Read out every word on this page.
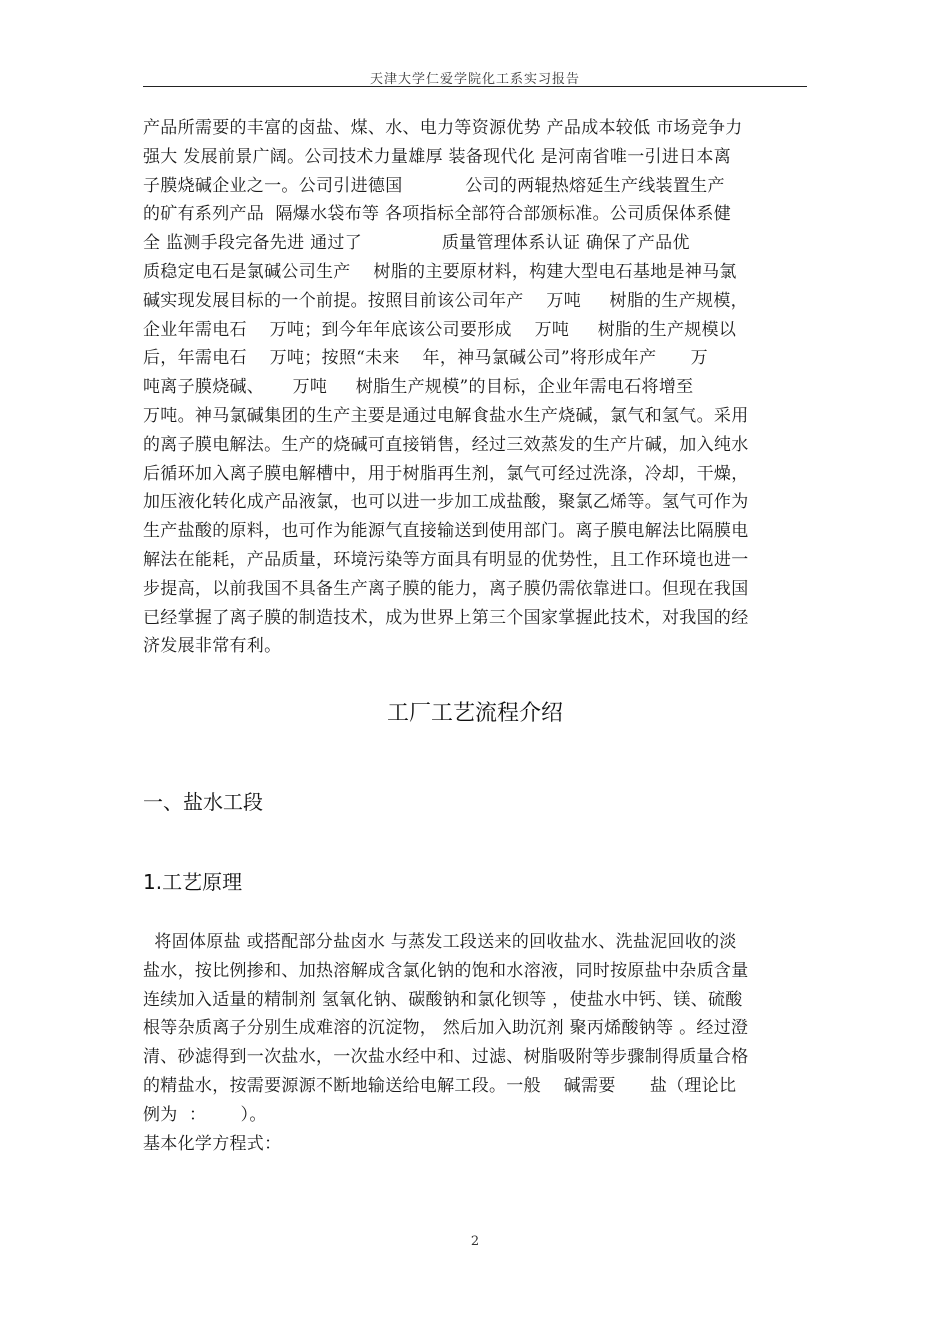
天津大学仁爱学院化工系实习报告
产品所需要的丰富的卤盐、煤、水、电力等资源优势 产品成本较低 市场竞争力
强大 发展前景广阔。公司技术力量雄厚 装备现代化 是河南省唯一引进日本离
子膜烧碱企业之一。公司引进德国           公司的两辊热熔延生产线装置生产
的矿有系列产品  隔爆水袋布等 各项指标全部符合部颁标准。公司质保体系健
全 监测手段完备先进 通过了              质量管理体系认证 确保了产品优
质稳定电石是氯碱公司生产    树脂的主要原材料，构建大型电石基地是神马氯
碱实现发展目标的一个前提。按照目前该公司年产    万吨     树脂的生产规模，
企业年需电石    万吨；到今年年底该公司要形成    万吨     树脂的生产规模以
后，年需电石    万吨；按照“未来    年，神马氯碱公司”将形成年产      万
吨离子膜烧碱、     万吨     树脂生产规模”的目标，企业年需电石将增至
万吨。神马氯碱集团的生产主要是通过电解食盐水生产烧碱，氯气和氢气。采用
的离子膜电解法。生产的烧碱可直接销售，经过三效蒸发的生产片碱，加入纯水
后循环加入离子膜电解槽中，用于树脂再生剂，氯气可经过洗涤，冷却，干燥，
加压液化转化成产品液氯，也可以进一步加工成盐酸，聚氯乙烯等。氢气可作为
生产盐酸的原料，也可作为能源气直接输送到使用部门。离子膜电解法比隔膜电
解法在能耗，产品质量，环境污染等方面具有明显的优势性，且工作环境也进一
步提高，以前我国不具备生产离子膜的能力，离子膜仍需依靠进口。但现在我国
已经掌握了离子膜的制造技术，成为世界上第三个国家掌握此技术，对我国的经
济发展非常有利。
工厂工艺流程介绍
一、盐水工段
1.工艺原理
将固体原盐 或搭配部分盐卤水 与蒸发工段送来的回收盐水、洗盐泥回收的淡
盐水，按比例掺和、加热溶解成含氯化钠的饱和水溶液，同时按原盐中杂质含量
连续加入适量的精制剂 氢氧化钠、碳酸钠和氯化钡等 ，使盐水中钙、镁、硫酸
根等杂质离子分别生成难溶的沉淀物， 然后加入助沉剂 聚丙烯酸钠等 。经过澄
清、砂滤得到一次盐水，一次盐水经中和、过滤、树脂吸附等步骤制得质量合格
的精盐水，按需要源源不断地输送给电解工段。一般    碱需要      盐（理论比
例为  ：      ）。
基本化学方程式：
2
